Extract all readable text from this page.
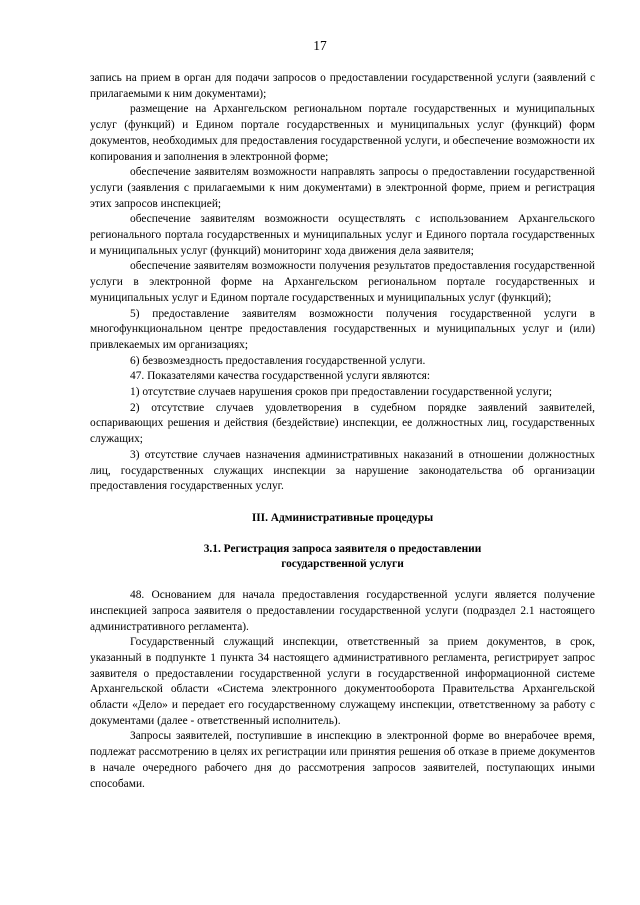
17

запись на прием в орган для подачи запросов о предоставлении государственной услуги (заявлений с прилагаемыми к ним документами);

размещение на Архангельском региональном портале государственных и муниципальных услуг (функций) и Едином портале государственных и муниципальных услуг (функций) форм документов, необходимых для предоставления государственной услуги, и обеспечение возможности их копирования и заполнения в электронной форме;

обеспечение заявителям возможности направлять запросы о предоставлении государственной услуги (заявления с прилагаемыми к ним документами) в электронной форме, прием и регистрация этих запросов инспекцией;

обеспечение заявителям возможности осуществлять с использованием Архангельского регионального портала государственных и муниципальных услуг и Единого портала государственных и муниципальных услуг (функций) мониторинг хода движения дела заявителя;

обеспечение заявителям возможности получения результатов предоставления государственной услуги в электронной форме на Архангельском региональном портале государственных и муниципальных услуг и Едином портале государственных и муниципальных услуг (функций);

5) предоставление заявителям возможности получения государственной услуги в многофункциональном центре предоставления государственных и муниципальных услуг и (или) привлекаемых им организациях;

6) безвозмездность предоставления государственной услуги.

47. Показателями качества государственной услуги являются:

1) отсутствие случаев нарушения сроков при предоставлении государственной услуги;

2) отсутствие случаев удовлетворения в судебном порядке заявлений заявителей, оспаривающих решения и действия (бездействие) инспекции, ее должностных лиц, государственных служащих;

3) отсутствие случаев назначения административных наказаний в отношении должностных лиц, государственных служащих инспекции за нарушение законодательства об организации предоставления государственных услуг.

III. Административные процедуры
3.1. Регистрация запроса заявителя о предоставлении
государственной услуги

48. Основанием для начала предоставления государственной услуги является получение инспекцией запроса заявителя о предоставлении государственной услуги (подраздел 2.1 настоящего административного регламента).

Государственный служащий инспекции, ответственный за прием документов, в срок, указанный в подпункте 1 пункта 34 настоящего административного регламента, регистрирует запрос заявителя о предоставлении государственной услуги в государственной информационной системе Архангельской области «Система электронного документооборота Правительства Архангельской области «Дело» и передает его государственному служащему инспекции, ответственному за работу с документами (далее - ответственный исполнитель).

Запросы заявителей, поступившие в инспекцию в электронной форме во внерабочее время, подлежат рассмотрению в целях их регистрации или принятия решения об отказе в приеме документов в начале очередного рабочего дня до рассмотрения запросов заявителей, поступающих иными способами.
